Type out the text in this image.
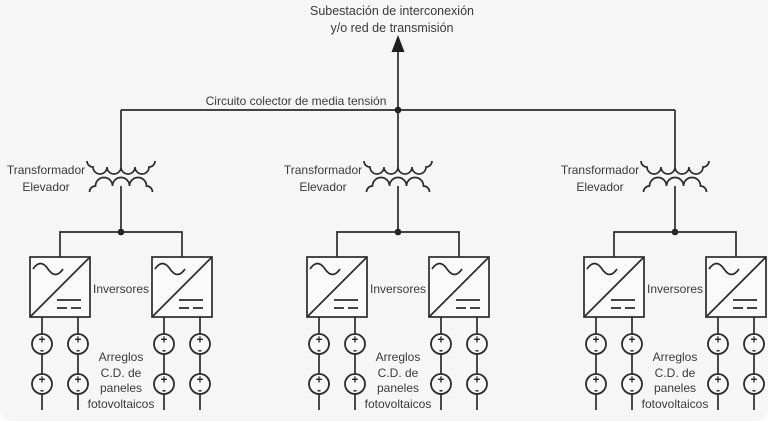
+
-
+
-
+
-
+
-
+
-
+
-
+
-
+
-
+
-
+
-
+
-
+
-
+
-
+
-
+
-
+
-
+
-
+
-
+
-
+
-
+
-
+
-
+
-
+
-
Subestación de interconexión
y/o red de transmisión
Circuito colector de media tensión
Transformador
Elevador
Transformador
Elevador
Transformador
Elevador
Inversores	Inversores	Inversores
Arreglos
C.D. de
paneles
fotovoltaicos
Arreglos
C.D. de
paneles
fotovoltaicos
Arreglos
C.D. de
paneles
fotovoltaicos
